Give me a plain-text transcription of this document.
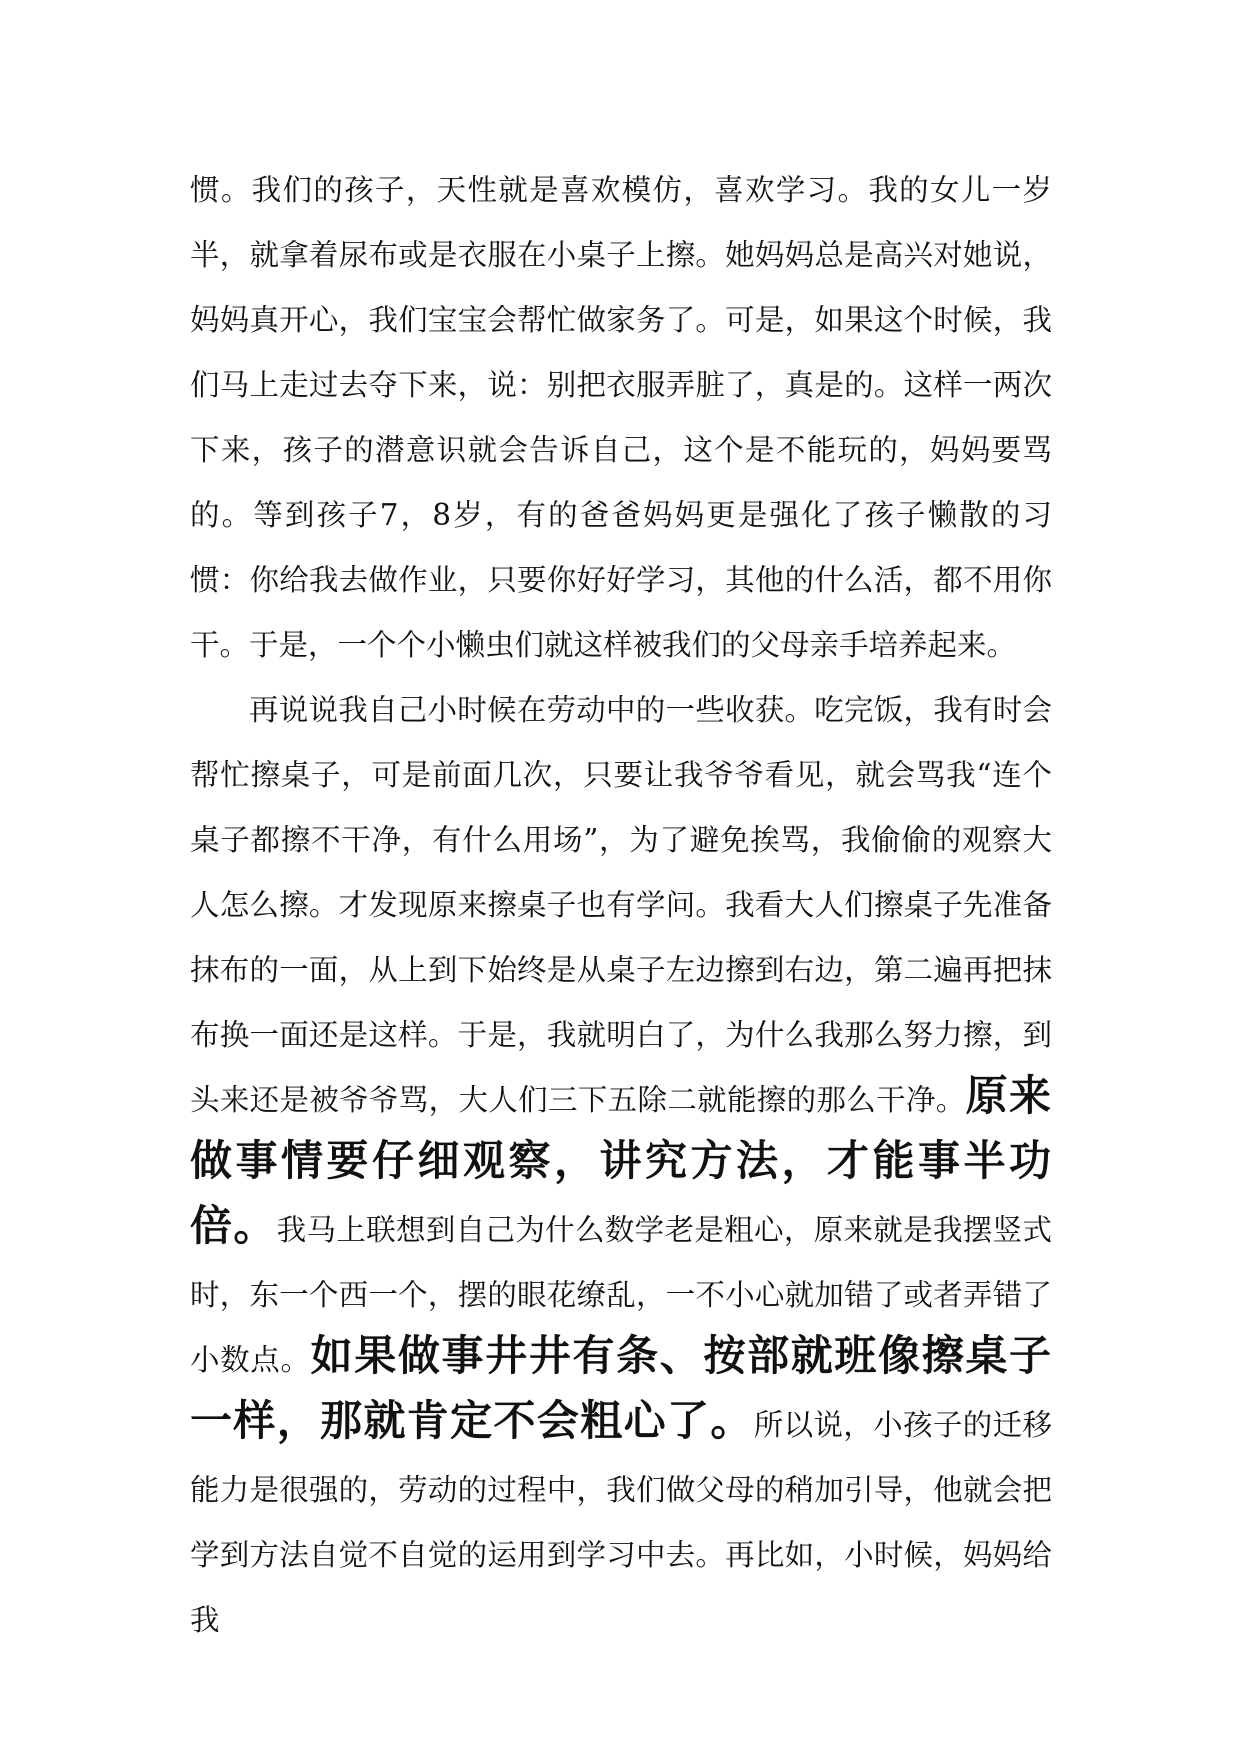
惯。我们的孩子，天性就是喜欢模仿，喜欢学习。我的女儿一岁半，就拿着尿布或是衣服在小桌子上擦。她妈妈总是高兴对她说，妈妈真开心，我们宝宝会帮忙做家务了。可是，如果这个时候，我们马上走过去夺下来，说：别把衣服弄脏了，真是的。这样一两次下来，孩子的潜意识就会告诉自己，这个是不能玩的，妈妈要骂的。等到孩子7，8岁，有的爸爸妈妈更是强化了孩子懒散的习惯：你给我去做作业，只要你好好学习，其他的什么活，都不用你干。于是，一个个小懒虫们就这样被我们的父母亲手培养起来。

再说说我自己小时候在劳动中的一些收获。吃完饭，我有时会帮忙擦桌子，可是前面几次，只要让我爷爷看见，就会骂我“连个桌子都擦不干净，有什么用场”，为了避免挨骂，我偷偷的观察大人怎么擦。才发现原来擦桌子也有学问。我看大人们擦桌子先准备抹布的一面，从上到下始终是从桌子左边擦到右边，第二遍再把抹布换一面还是这样。于是，我就明白了，为什么我那么努力擦，到头来还是被爷爷骂，大人们三下五除二就能擦的那么干净。原来做事情要仔细观察，讲究方法，才能事半功倍。我马上联想到自己为什么数学老是粗心，原来就是我摆竖式时，东一个西一个，摆的眼花缭乱，一不小心就加错了或者弄错了小数点。如果做事井井有条、按部就班像擦桌子一样，那就肯定不会粗心了。所以说，小孩子的迁移能力是很强的，劳动的过程中，我们做父母的稍加引导，他就会把学到方法自觉不自觉的运用到学习中去。再比如，小时候，妈妈给我
